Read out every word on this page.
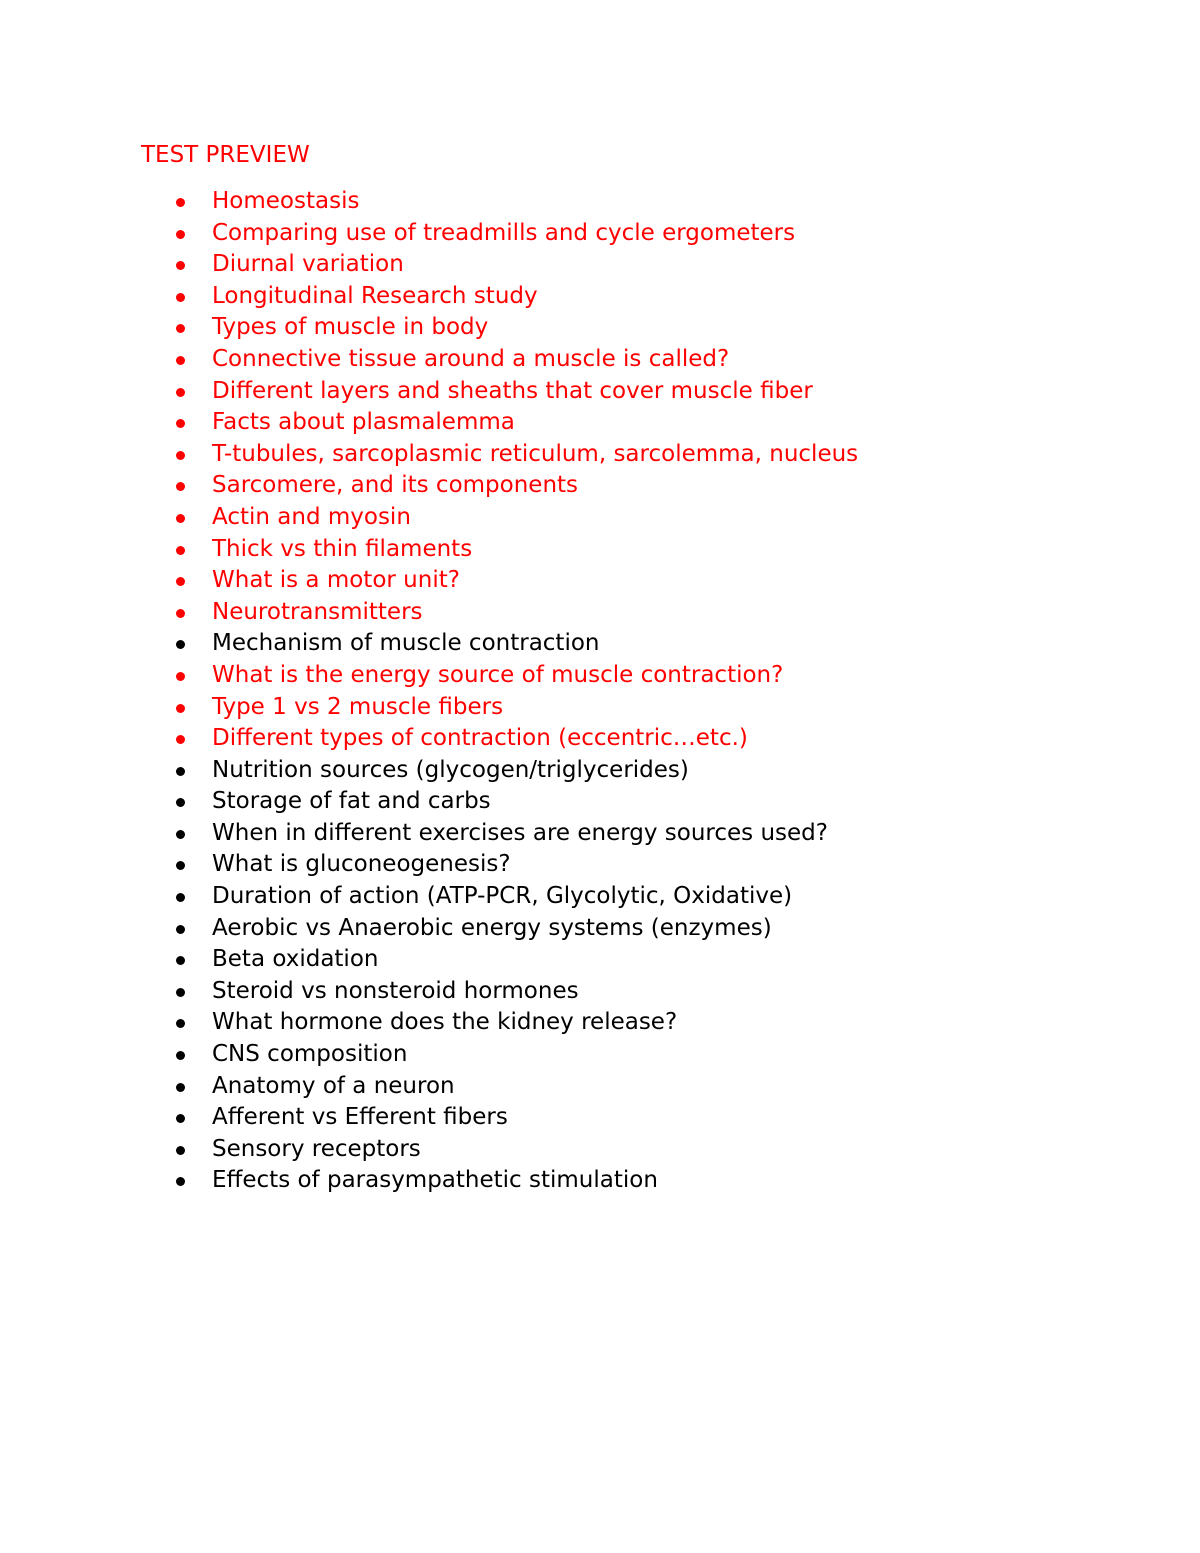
TEST PREVIEW
Homeostasis
Comparing use of treadmills and cycle ergometers
Diurnal variation
Longitudinal Research study
Types of muscle in body
Connective tissue around a muscle is called?
Different layers and sheaths that cover muscle fiber
Facts about plasmalemma
T-tubules, sarcoplasmic reticulum, sarcolemma, nucleus
Sarcomere, and its components
Actin and myosin
Thick vs thin filaments
What is a motor unit?
Neurotransmitters
Mechanism of muscle contraction
What is the energy source of muscle contraction?
Type 1 vs 2 muscle fibers
Different types of contraction (eccentric…etc.)
Nutrition sources (glycogen/triglycerides)
Storage of fat and carbs
When in different exercises are energy sources used?
What is gluconeogenesis?
Duration of action (ATP-PCR, Glycolytic, Oxidative)
Aerobic vs Anaerobic energy systems (enzymes)
Beta oxidation
Steroid vs nonsteroid hormones
What hormone does the kidney release?
CNS composition
Anatomy of a neuron
Afferent vs Efferent fibers
Sensory receptors
Effects of parasympathetic stimulation
